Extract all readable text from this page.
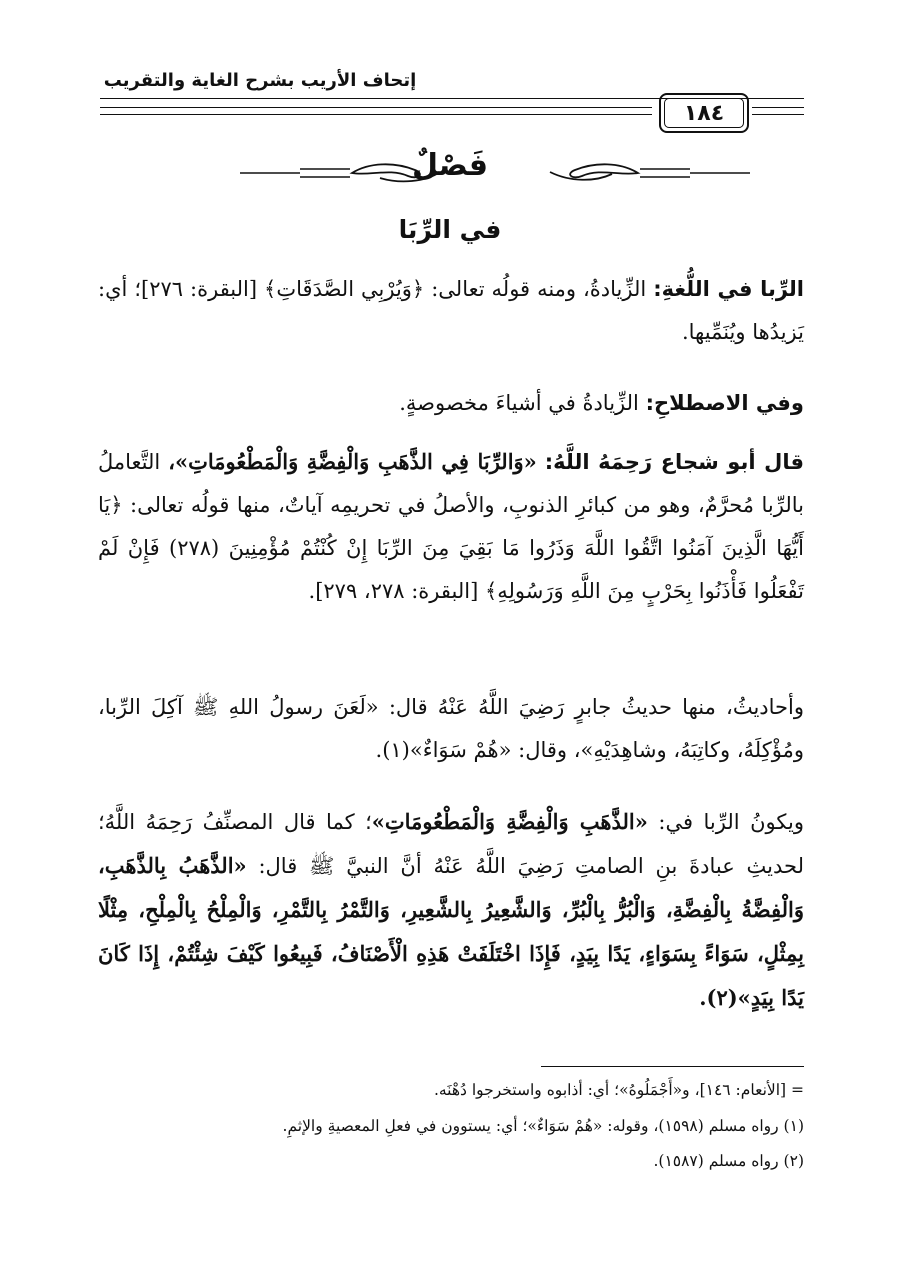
إتحاف الأريب بشرح الغاية والتقريب
١٨٤
فَصْلٌ
في الرِّبَا
الرِّبا في اللُّغةِ: الزِّيادةُ، ومنه قولُه تعالى: ﴿وَيُرْبِي الصَّدَقَاتِ﴾ [البقرة: ٢٧٦]؛ أي: يَزيدُها ويُنَمِّيها.
وفي الاصطلاحِ: الزِّيادةُ في أشياءَ مخصوصةٍ.
قال أبو شجاع رَحِمَهُ اللَّهُ: «وَالرِّبَا فِي الذَّهَبِ وَالْفِضَّةِ وَالْمَطْعُومَاتِ»، التَّعاملُ بالرِّبا مُحرَّمٌ، وهو من كبائرِ الذنوبِ، والأصلُ في تحريمِه آياتٌ، منها قولُه تعالى: ﴿يَا أَيُّهَا الَّذِينَ آمَنُوا اتَّقُوا اللَّهَ وَذَرُوا مَا بَقِيَ مِنَ الرِّبَا إِنْ كُنْتُمْ مُؤْمِنِينَ (٢٧٨) فَإِنْ لَمْ تَفْعَلُوا فَأْذَنُوا بِحَرْبٍ مِنَ اللَّهِ وَرَسُولِهِ﴾ [البقرة: ٢٧٨، ٢٧٩].
وأحاديثُ، منها حديثُ جابرٍ رَضِيَ اللَّهُ عَنْهُ قال: «لَعَنَ رسولُ اللهِ ﷺ آكِلَ الرِّبا، ومُؤْكِلَهُ، وكاتِبَهُ، وشاهِدَيْهِ»، وقال: «هُمْ سَوَاءٌ»(١).
ويكونُ الرِّبا في: «الذَّهَبِ وَالْفِضَّةِ وَالْمَطْعُومَاتِ»؛ كما قال المصنِّفُ رَحِمَهُ اللَّهُ؛ لحديثِ عبادةَ بنِ الصامتِ رَضِيَ اللَّهُ عَنْهُ أنَّ النبيَّ ﷺ قال: «الذَّهَبُ بِالذَّهَبِ، وَالْفِضَّةُ بِالْفِضَّةِ، وَالْبُرُّ بِالْبُرِّ، وَالشَّعِيرُ بِالشَّعِيرِ، وَالتَّمْرُ بِالتَّمْرِ، وَالْمِلْحُ بِالْمِلْحِ، مِثْلًا بِمِثْلٍ، سَوَاءً بِسَوَاءٍ، يَدًا بِيَدٍ، فَإِذَا اخْتَلَفَتْ هَذِهِ الْأَصْنَافُ، فَبِيعُوا كَيْفَ شِئْتُمْ، إِذَا كَانَ يَدًا بِيَدٍ»(٢).
= [الأنعام: ١٤٦]، و«أَجْمَلُوهُ»؛ أي: أذابوه واستخرجوا دُهْنَه.
(١) رواه مسلم (١٥٩٨)، وقوله: «هُمْ سَوَاءٌ»؛ أي: يستوون في فعلِ المعصيةِ والإثمِ.
(٢) رواه مسلم (١٥٨٧).
